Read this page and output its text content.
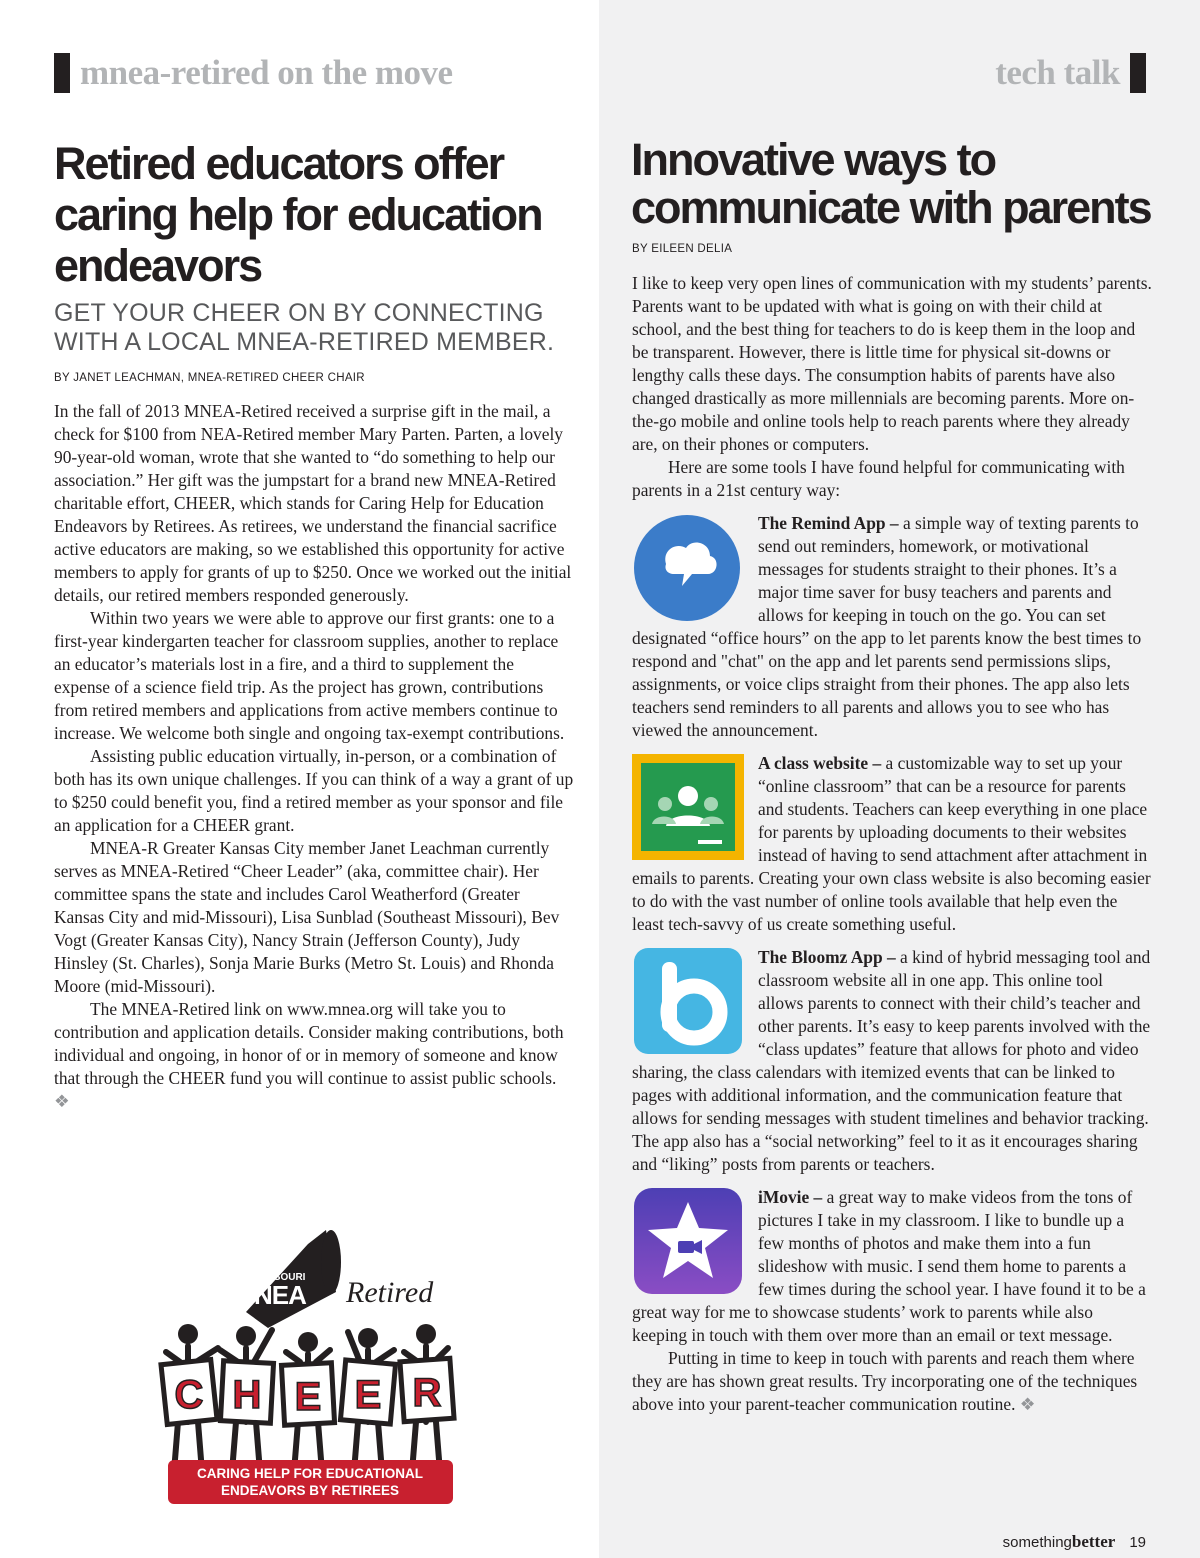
mnea-retired on the move	tech talk
Retired educators offer caring help for education endeavors
GET YOUR CHEER ON BY CONNECTING WITH A LOCAL MNEA-RETIRED MEMBER.
BY JANET LEACHMAN, MNEA-RETIRED CHEER CHAIR

In the fall of 2013 MNEA-Retired received a surprise gift in the mail, a check for $100 from NEA-Retired member Mary Parten. Parten, a lovely 90-year-old woman, wrote that she wanted to “do something to help our association.” Her gift was the jumpstart for a brand new MNEA-Retired charitable effort, CHEER, which stands for Caring Help for Education Endeavors by Retirees. As retirees, we understand the financial sacrifice active educators are making, so we established this opportunity for active members to apply for grants of up to $250. Once we worked out the initial details, our retired members responded generously.

Within two years we were able to approve our first grants: one to a first-year kindergarten teacher for classroom supplies, another to replace an educator’s materials lost in a fire, and a third to supplement the expense of a science field trip. As the project has grown, contributions from retired members and applications from active members continue to increase. We welcome both single and ongoing tax-exempt contributions.

Assisting public education virtually, in-person, or a combination of both has its own unique challenges. If you can think of a way a grant of up to $250 could benefit you, find a retired member as your sponsor and file an application for a CHEER grant.

MNEA-R Greater Kansas City member Janet Leachman currently serves as MNEA-Retired “Cheer Leader” (aka, committee chair). Her committee spans the state and includes Carol Weatherford (Greater Kansas City and mid-Missouri), Lisa Sunblad (Southeast Missouri), Bev Vogt (Greater Kansas City), Nancy Strain (Jefferson County), Judy Hinsley (St. Charles), Sonja Marie Burks (Metro St. Louis) and Rhonda Moore (mid-Missouri).

The MNEA-Retired link on www.mnea.org will take you to contribution and application details. Consider making contributions, both individual and ongoing, in honor of or in memory of someone and know that through the CHEER fund you will continue to assist public schools. ❖

MISSOURI
NEA Retired
C H E E R
CARING HELP FOR EDUCATIONAL
ENDEAVORS BY RETIREES
Innovative ways to communicate with parents
BY EILEEN DELIA

I like to keep very open lines of communication with my students’ parents. Parents want to be updated with what is going on with their child at school, and the best thing for teachers to do is keep them in the loop and be transparent. However, there is little time for physical sit-downs or lengthy calls these days. The consumption habits of parents have also changed drastically as more millennials are becoming parents. More on-the-go mobile and online tools help to reach parents where they already are, on their phones or computers.

Here are some tools I have found helpful for communicating with parents in a 21st century way:

The Remind App – a simple way of texting parents to send out reminders, homework, or motivational messages for students straight to their phones. It’s a major time saver for busy teachers and parents and allows for keeping in touch on the go. You can set designated “office hours” on the app to let parents know the best times to respond and "chat" on the app and let parents send permissions slips, assignments, or voice clips straight from their phones. The app also lets teachers send reminders to all parents and allows you to see who has viewed the announcement.

A class website – a customizable way to set up your “online classroom” that can be a resource for parents and students. Teachers can keep everything in one place for parents by uploading documents to their websites instead of having to send attachment after attachment in emails to parents. Creating your own class website is also becoming easier to do with the vast number of online tools available that help even the least tech-savvy of us create something useful.

The Bloomz App – a kind of hybrid messaging tool and classroom website all in one app. This online tool allows parents to connect with their child’s teacher and other parents. It’s easy to keep parents involved with the “class updates” feature that allows for photo and video sharing, the class calendars with itemized events that can be linked to pages with additional information, and the communication feature that allows for sending messages with student timelines and behavior tracking. The app also has a “social networking” feel to it as it encourages sharing and “liking” posts from parents or teachers.

iMovie – a great way to make videos from the tons of pictures I take in my classroom. I like to bundle up a few months of photos and make them into a fun slideshow with music. I send them home to parents a few times during the school year. I have found it to be a great way for me to showcase students’ work to parents while also keeping in touch with them over more than an email or text message.

Putting in time to keep in touch with parents and reach them where they are has shown great results. Try incorporating one of the techniques above into your parent-teacher communication routine. ❖

somethingbetter 19
